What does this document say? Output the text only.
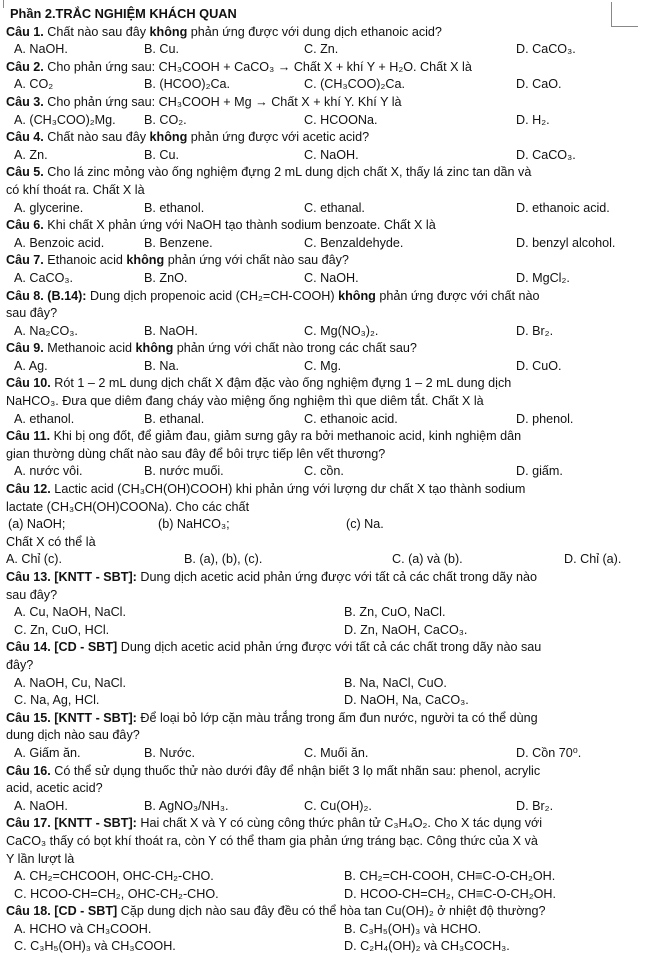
Phần 2.TRẮC NGHIỆM KHÁCH QUAN
Câu 1. Chất nào sau đây không phản ứng được với dung dịch ethanoic acid?
A. NaOH.	B. Cu.	C. Zn.	D. CaCO₃.
Câu 2. Cho phản ứng sau: CH₃COOH + CaCO₃ → Chất X + khí Y + H₂O. Chất X là
A. CO₂	B. (HCOO)₂Ca.	C. (CH₃COO)₂Ca.	D. CaO.
Câu 3. Cho phản ứng sau: CH₃COOH + Mg → Chất X + khí Y. Khí Y là
A. (CH₃COO)₂Mg.	B. CO₂.	C. HCOONa.	D. H₂.
Câu 4. Chất nào sau đây không phản ứng được với acetic acid?
A. Zn.	B. Cu.	C. NaOH.	D. CaCO₃.
Câu 5. Cho lá zinc mỏng vào ống nghiệm đựng 2 mL dung dịch chất X, thấy lá zinc tan dần và
có khí thoát ra. Chất X là
A. glycerine.	B. ethanol.	C. ethanal.	D. ethanoic acid.
Câu 6. Khi chất X phản ứng với NaOH tạo thành sodium benzoate. Chất X là
A. Benzoic acid.	B. Benzene.	C. Benzaldehyde.	D. benzyl alcohol.
Câu 7. Ethanoic acid không phản ứng với chất nào sau đây?
A. CaCO₃.	B. ZnO.	C. NaOH.	D. MgCl₂.
Câu 8. (B.14): Dung dịch propenoic acid (CH₂=CH-COOH) không phản ứng được với chất nào
sau đây?
A. Na₂CO₃.	B. NaOH.	C. Mg(NO₃)₂.	D. Br₂.
Câu 9. Methanoic acid không phản ứng với chất nào trong các chất sau?
A. Ag.	B. Na.	C. Mg.	D. CuO.
Câu 10. Rót 1 – 2 mL dung dịch chất X đậm đặc vào ống nghiệm đựng 1 – 2 mL dung dịch
NaHCO₃. Đưa que diêm đang cháy vào miệng ống nghiệm thì que diêm tắt. Chất X là
A. ethanol.	B. ethanal.	C. ethanoic acid.	D. phenol.
Câu 11. Khi bị ong đốt, để giảm đau, giảm sưng gây ra bởi methanoic acid, kinh nghiệm dân
gian thường dùng chất nào sau đây để bôi trực tiếp lên vết thương?
A. nước vôi.	B. nước muối.	C. cồn.	D. giấm.
Câu 12. Lactic acid (CH₃CH(OH)COOH) khi phản ứng với lượng dư chất X tạo thành sodium
lactate (CH₃CH(OH)COONa). Cho các chất
(a) NaOH;	(b) NaHCO₃;	(c) Na.
Chất X có thể là
A. Chỉ (c).	B. (a), (b), (c).	C. (a) và (b).	D. Chỉ (a).
Câu 13. [KNTT - SBT]: Dung dịch acetic acid phản ứng được với tất cả các chất trong dãy nào
sau đây?
A. Cu, NaOH, NaCl.	B. Zn, CuO, NaCl.
C. Zn, CuO, HCl.	D. Zn, NaOH, CaCO₃.
Câu 14. [CD - SBT] Dung dịch acetic acid phản ứng được với tất cả các chất trong dãy nào sau
đây?
A. NaOH, Cu, NaCl.	B. Na, NaCl, CuO.
C. Na, Ag, HCl.	D. NaOH, Na, CaCO₃.
Câu 15. [KNTT - SBT]: Để loại bỏ lớp cặn màu trắng trong ấm đun nước, người ta có thể dùng
dung dịch nào sau đây?
A. Giấm ăn.	B. Nước.	C. Muối ăn.	D. Cồn 70⁰.
Câu 16. Có thể sử dụng thuốc thử nào dưới đây để nhận biết 3 lọ mất nhãn sau: phenol, acrylic
acid, acetic acid?
A. NaOH.	B. AgNO₃/NH₃.	C. Cu(OH)₂.	D. Br₂.
Câu 17. [KNTT - SBT]: Hai chất X và Y có cùng công thức phân tử C₃H₄O₂. Cho X tác dụng với
CaCO₃ thấy có bọt khí thoát ra, còn Y có thể tham gia phản ứng tráng bạc. Công thức của X và
Y lần lượt là
A. CH₂=CHCOOH, OHC-CH₂-CHO.	B. CH₂=CH-COOH, CH≡C-O-CH₂OH.
C. HCOO-CH=CH₂, OHC-CH₂-CHO.	D. HCOO-CH=CH₂, CH≡C-O-CH₂OH.
Câu 18. [CD - SBT] Cặp dung dịch nào sau đây đều có thể hòa tan Cu(OH)₂ ở nhiệt độ thường?
A. HCHO và CH₃COOH.	B. C₃H₅(OH)₃ và HCHO.
C. C₃H₅(OH)₃ và CH₃COOH.	D. C₂H₄(OH)₂ và CH₃COCH₃.
